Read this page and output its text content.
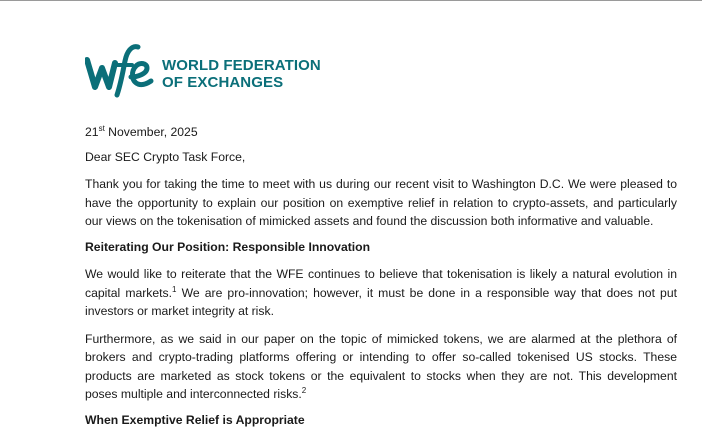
WORLD FEDERATION
OF EXCHANGES

21st November, 2025

Dear SEC Crypto Task Force,

Thank you for taking the time to meet with us during our recent visit to Washington D.C. We were pleased to have the opportunity to explain our position on exemptive relief in relation to crypto-assets, and particularly our views on the tokenisation of mimicked assets and found the discussion both informative and valuable.

Reiterating Our Position: Responsible Innovation

We would like to reiterate that the WFE continues to believe that tokenisation is likely a natural evolution in capital markets.$^1$ We are pro-innovation; however, it must be done in a responsible way that does not put investors or market integrity at risk.

Furthermore, as we said in our paper on the topic of mimicked tokens, we are alarmed at the plethora of brokers and crypto-trading platforms offering or intending to offer so-called tokenised US stocks. These products are marketed as stock tokens or the equivalent to stocks when they are not. This development poses multiple and interconnected risks.$^2$

When Exemptive Relief is Appropriate
